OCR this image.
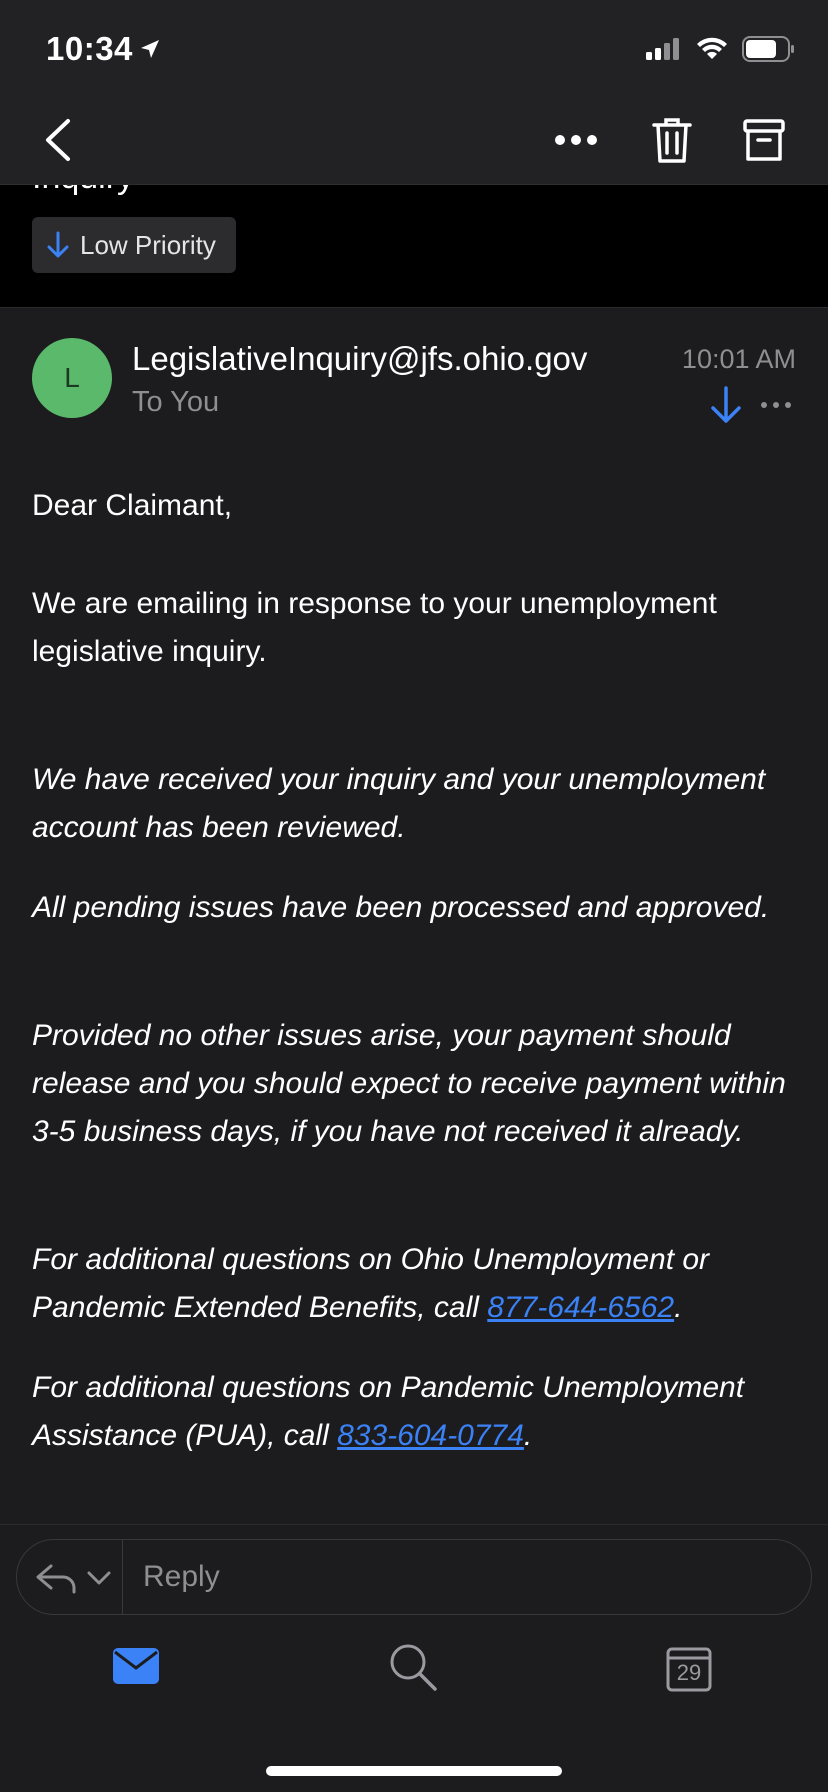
10:34
Low Priority
L
LegislativeInquiry@jfs.ohio.gov
To You
10:01 AM

Dear Claimant,

We are emailing in response to your unemployment legislative inquiry.

We have received your inquiry and your unemployment account has been reviewed.

All pending issues have been processed and approved.

Provided no other issues arise, your payment should release and you should expect to receive payment within 3-5 business days, if you have not received it already.

For additional questions on Ohio Unemployment or Pandemic Extended Benefits, call 877-644-6562.

For additional questions on Pandemic Unemployment Assistance (PUA), call 833-604-0774.

Reply
29
